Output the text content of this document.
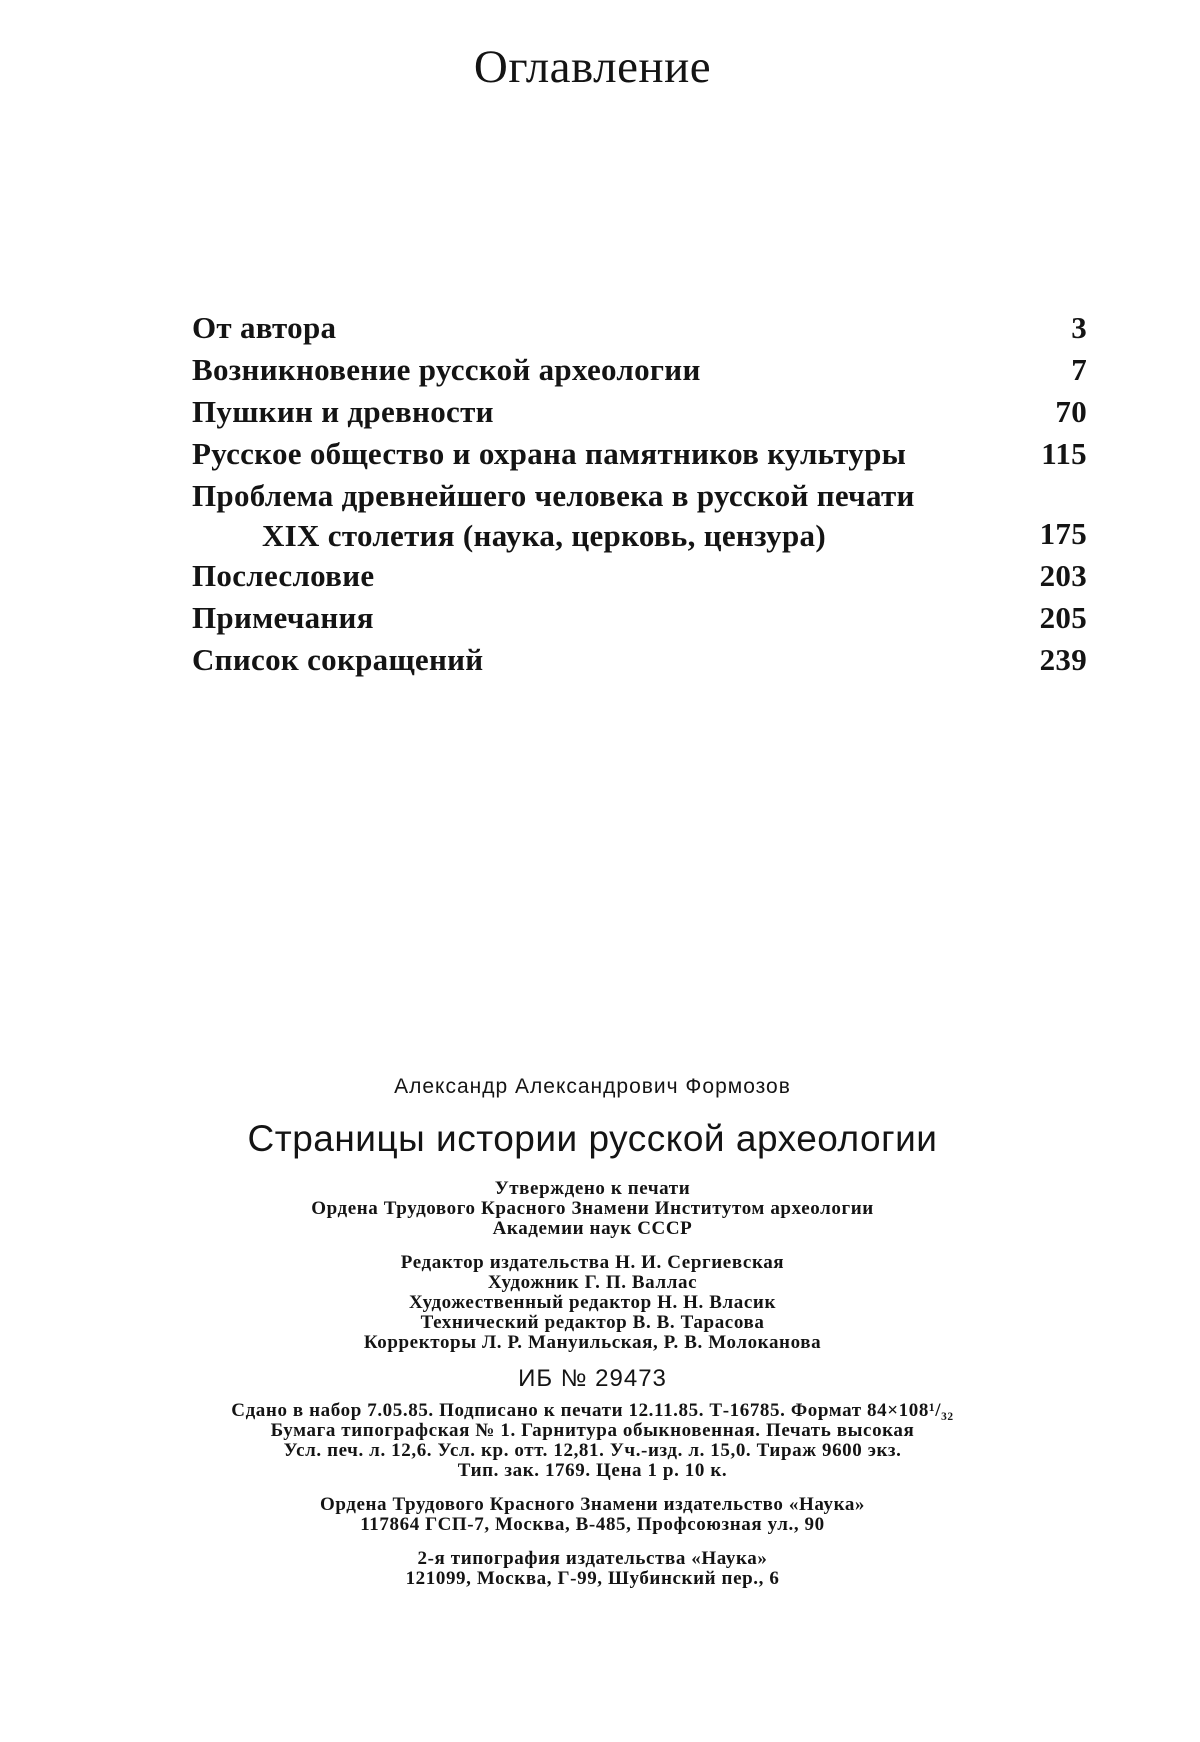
Оглавление
От автора	3
Возникновение русской археологии	7
Пушкин и древности	70
Русское общество и охрана памятников культуры	115
Проблема древнейшего человека в русской печати
XIX столетия (наука, церковь, цензура)	175
Послесловие	203
Примечания	205
Список сокращений	239
Александр Александрович Формозов
Страницы истории русской археологии
Утверждено к печати
Ордена Трудового Красного Знамени Институтом археологии
Академии наук СССР
Редактор издательства Н. И. Сергиевская
Художник Г. П. Валлас
Художественный редактор Н. Н. Власик
Технический редактор В. В. Тарасова
Корректоры Л. Р. Мануильская, Р. В. Молоканова
ИБ № 29473
Сдано в набор 7.05.85. Подписано к печати 12.11.85. Т-16785. Формат 84×108¹/₃₂
Бумага типографская № 1. Гарнитура обыкновенная. Печать высокая
Усл. печ. л. 12,6. Усл. кр. отт. 12,81. Уч.-изд. л. 15,0. Тираж 9600 экз.
Тип. зак. 1769. Цена 1 р. 10 к.
Ордена Трудового Красного Знамени издательство «Наука»
117864 ГСП-7, Москва, В-485, Профсоюзная ул., 90
2-я типография издательства «Наука»
121099, Москва, Г-99, Шубинский пер., 6
